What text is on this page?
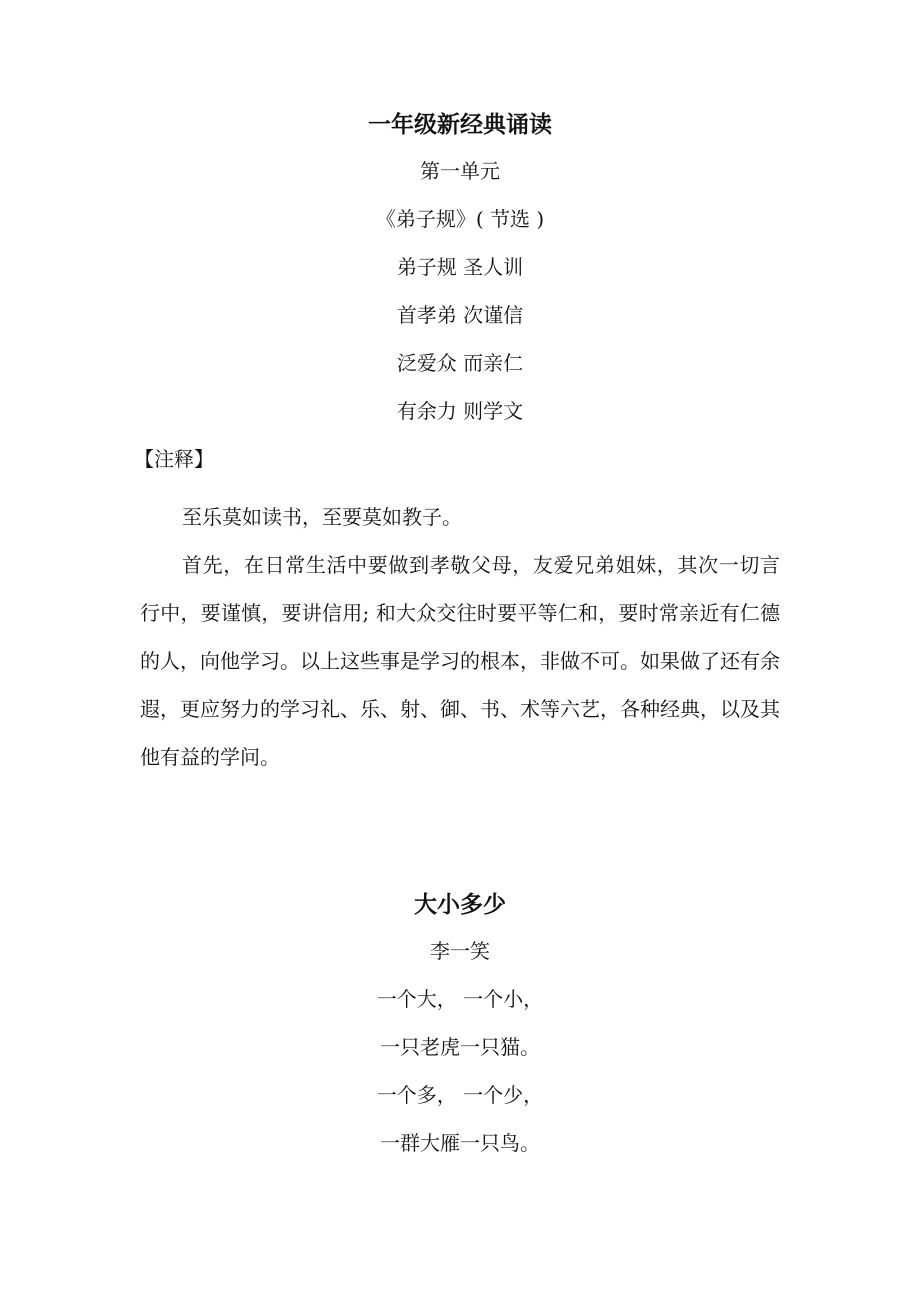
一年级新经典诵读
第一单元
《弟子规》( 节选 )
弟子规 圣人训
首孝弟 次谨信
泛爱众 而亲仁
有余力 则学文
【注释】

至乐莫如读书，至要莫如教子。

首先，在日常生活中要做到孝敬父母，友爱兄弟姐妹，其次一切言行中，要谨慎，要讲信用; 和大众交往时要平等仁和，要时常亲近有仁德的人，向他学习。以上这些事是学习的根本，非做不可。如果做了还有余遐，更应努力的学习礼、乐、射、御、书、术等六艺，各种经典，以及其他有益的学问。

大小多少
李一笑
一个大， 一个小，
一只老虎一只猫。
一个多， 一个少，
一群大雁一只鸟。
